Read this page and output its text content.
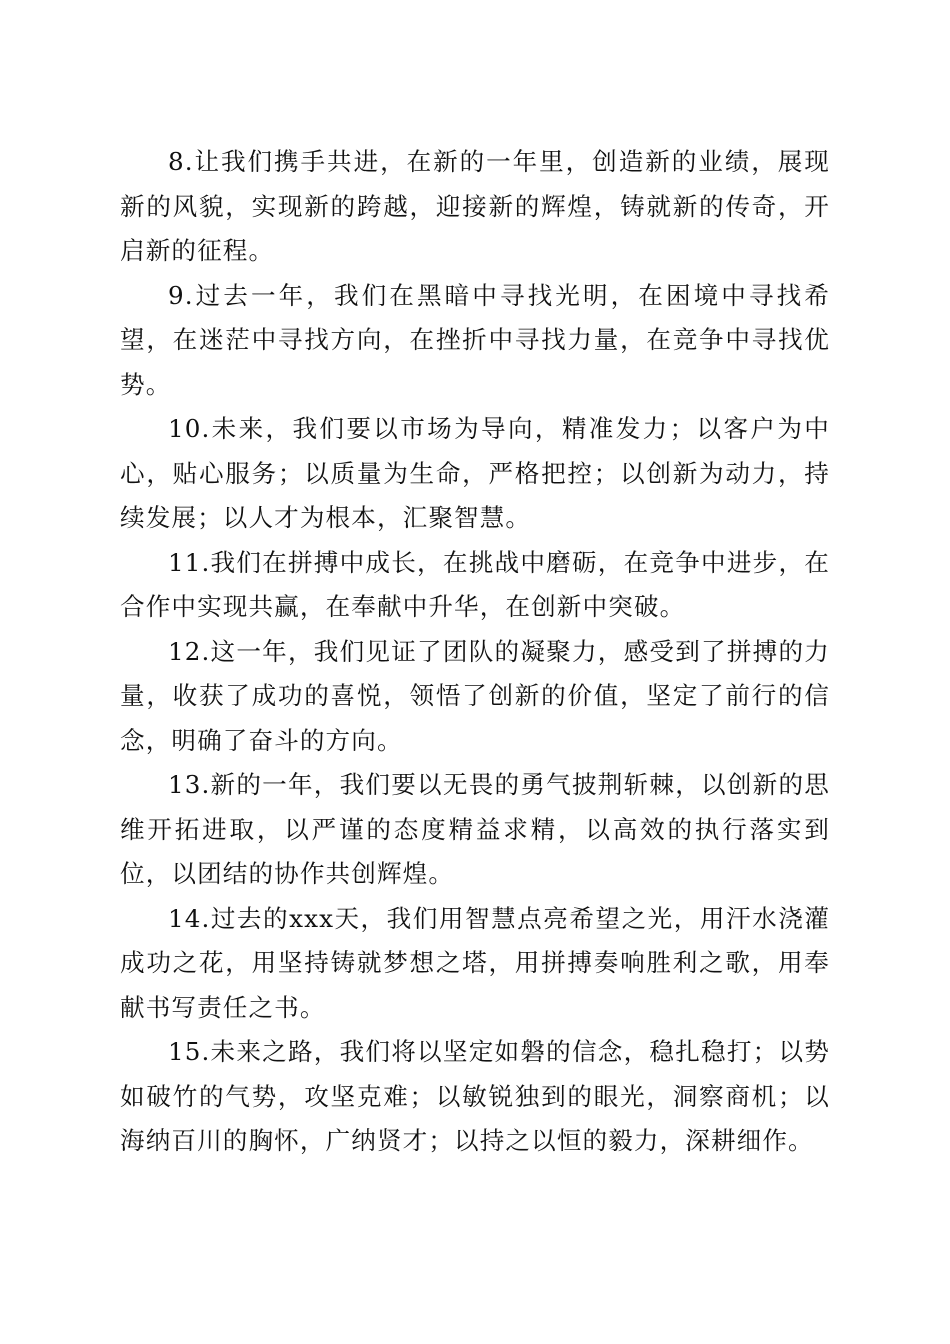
8.让我们携手共进，在新的一年里，创造新的业绩，展现新的风貌，实现新的跨越，迎接新的辉煌，铸就新的传奇，开启新的征程。

9.过去一年，我们在黑暗中寻找光明，在困境中寻找希望，在迷茫中寻找方向，在挫折中寻找力量，在竞争中寻找优势。

10.未来，我们要以市场为导向，精准发力；以客户为中心，贴心服务；以质量为生命，严格把控；以创新为动力，持续发展；以人才为根本，汇聚智慧。

11.我们在拼搏中成长，在挑战中磨砺，在竞争中进步，在合作中实现共赢，在奉献中升华，在创新中突破。

12.这一年，我们见证了团队的凝聚力，感受到了拼搏的力量，收获了成功的喜悦，领悟了创新的价值，坚定了前行的信念，明确了奋斗的方向。

13.新的一年，我们要以无畏的勇气披荆斩棘，以创新的思维开拓进取，以严谨的态度精益求精，以高效的执行落实到位，以团结的协作共创辉煌。

14.过去的xxx天，我们用智慧点亮希望之光，用汗水浇灌成功之花，用坚持铸就梦想之塔，用拼搏奏响胜利之歌，用奉献书写责任之书。

15.未来之路，我们将以坚定如磐的信念，稳扎稳打；以势如破竹的气势，攻坚克难；以敏锐独到的眼光，洞察商机；以海纳百川的胸怀，广纳贤才；以持之以恒的毅力，深耕细作。
